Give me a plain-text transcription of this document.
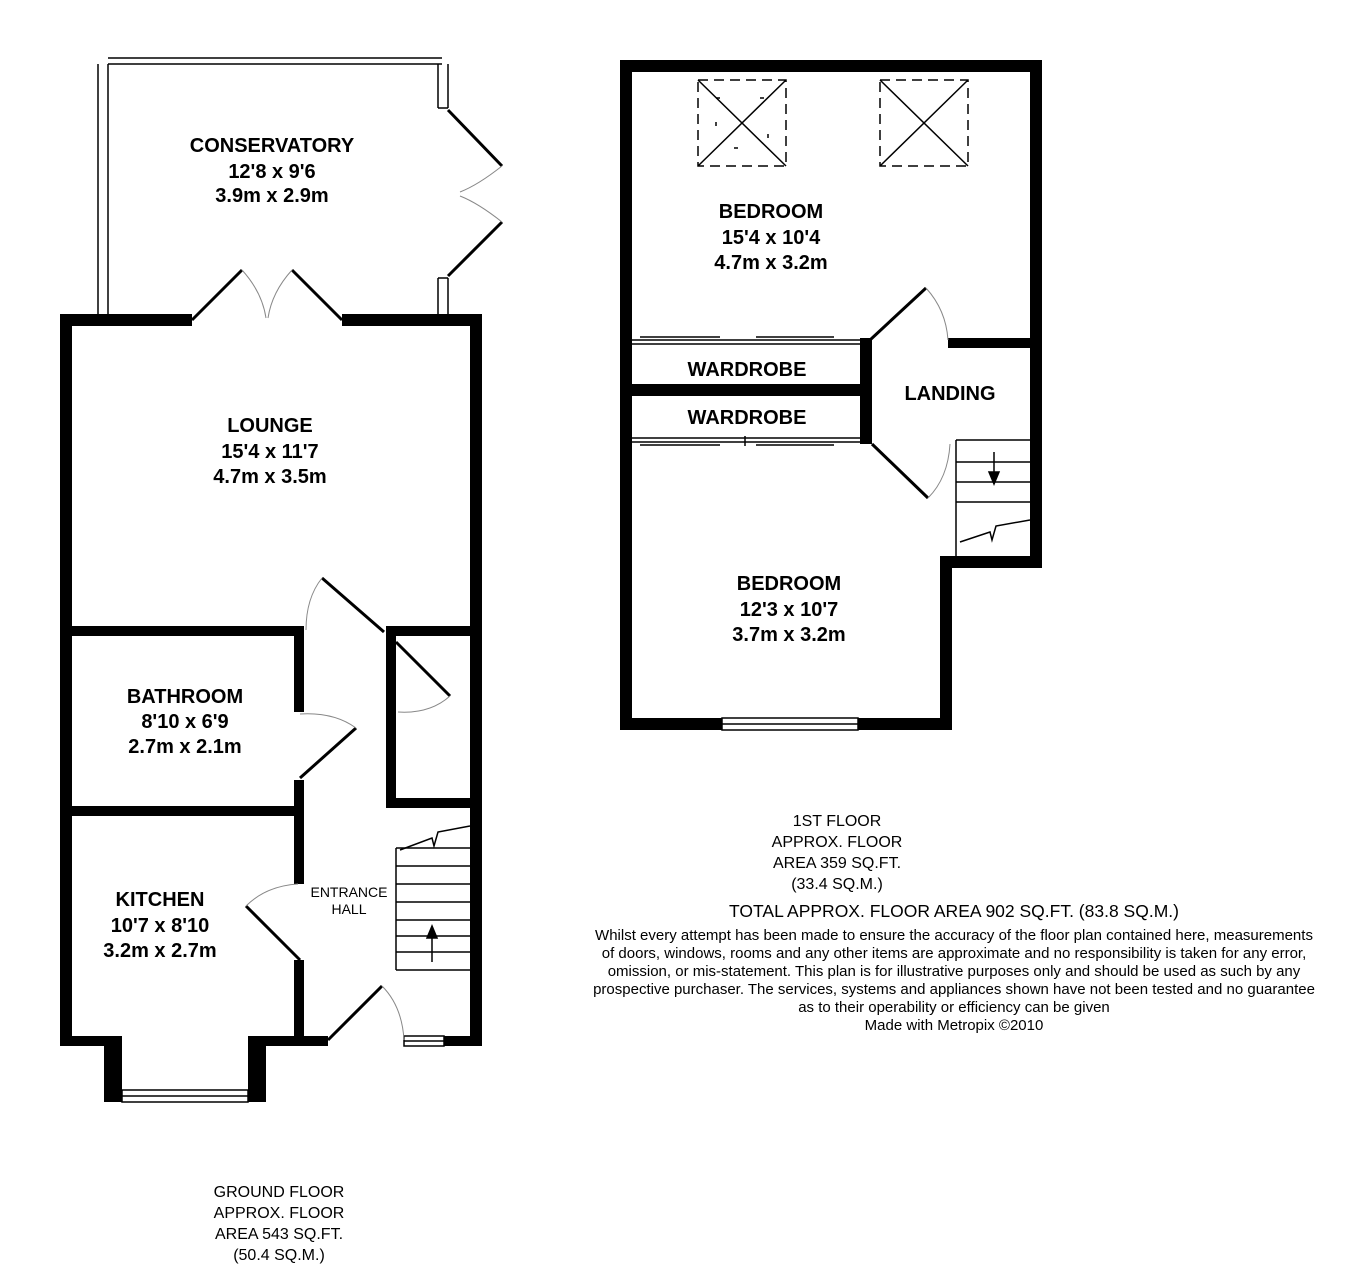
CONSERVATORY
12'8 x 9'6
3.9m x 2.9m
LOUNGE
15'4 x 11'7
4.7m x 3.5m
BATHROOM
8'10 x 6'9
2.7m x 2.1m
KITCHEN
10'7 x 8'10
3.2m x 2.7m
ENTRANCE
HALL
GROUND FLOOR
APPROX. FLOOR
AREA 543 SQ.FT.
(50.4 SQ.M.)
BEDROOM
15'4 x 10'4
4.7m x 3.2m
WARDROBE
WARDROBE
LANDING
BEDROOM
12'3 x 10'7
3.7m x 3.2m
1ST FLOOR
APPROX. FLOOR
AREA 359 SQ.FT.
(33.4 SQ.M.)
TOTAL APPROX. FLOOR AREA 902 SQ.FT. (83.8 SQ.M.)
Whilst every attempt has been made to ensure the accuracy of the floor plan contained here, measurements
of doors, windows, rooms and any other items are approximate and no responsibility is taken for any error,
omission, or mis-statement. This plan is for illustrative purposes only and should be used as such by any
prospective purchaser. The services, systems and appliances shown have not been tested and no guarantee
as to their operability or efficiency can be given
Made with Metropix ©2010
